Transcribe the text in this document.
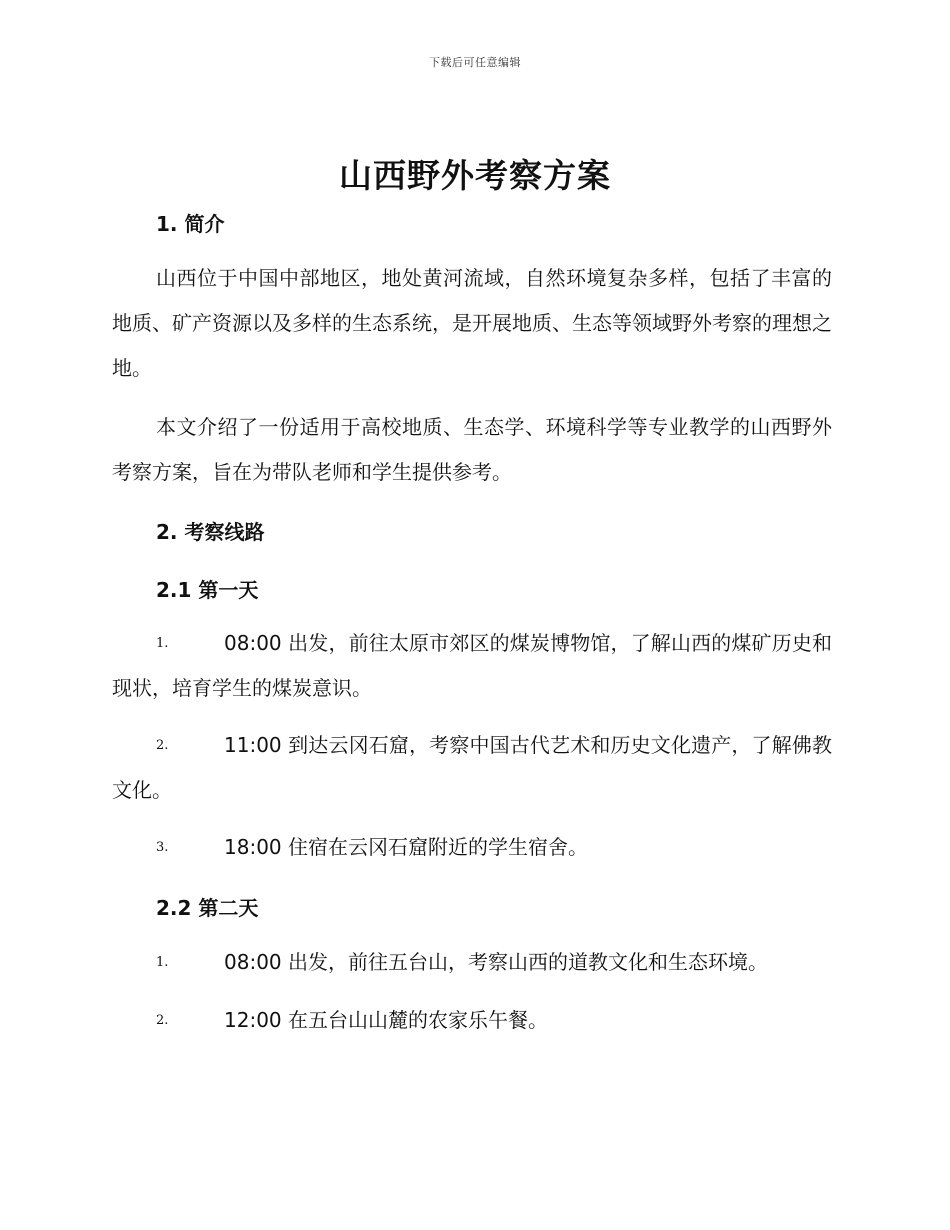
下载后可任意编辑
山西野外考察方案
1. 简介

山西位于中国中部地区，地处黄河流域，自然环境复杂多样，包括了丰富的地质、矿产资源以及多样的生态系统，是开展地质、生态等领域野外考察的理想之地。

本文介绍了一份适用于高校地质、生态学、环境科学等专业教学的山西野外考察方案，旨在为带队老师和学生提供参考。

2. 考察线路
2.1 第一天
1.	08:00 出发，前往太原市郊区的煤炭博物馆，了解山西的煤矿历史和现状，培育学生的煤炭意识。
2.	11:00 到达云冈石窟，考察中国古代艺术和历史文化遗产，了解佛教文化。
3.	18:00 住宿在云冈石窟附近的学生宿舍。
2.2 第二天
1.	08:00 出发，前往五台山，考察山西的道教文化和生态环境。
2.	12:00 在五台山山麓的农家乐午餐。
